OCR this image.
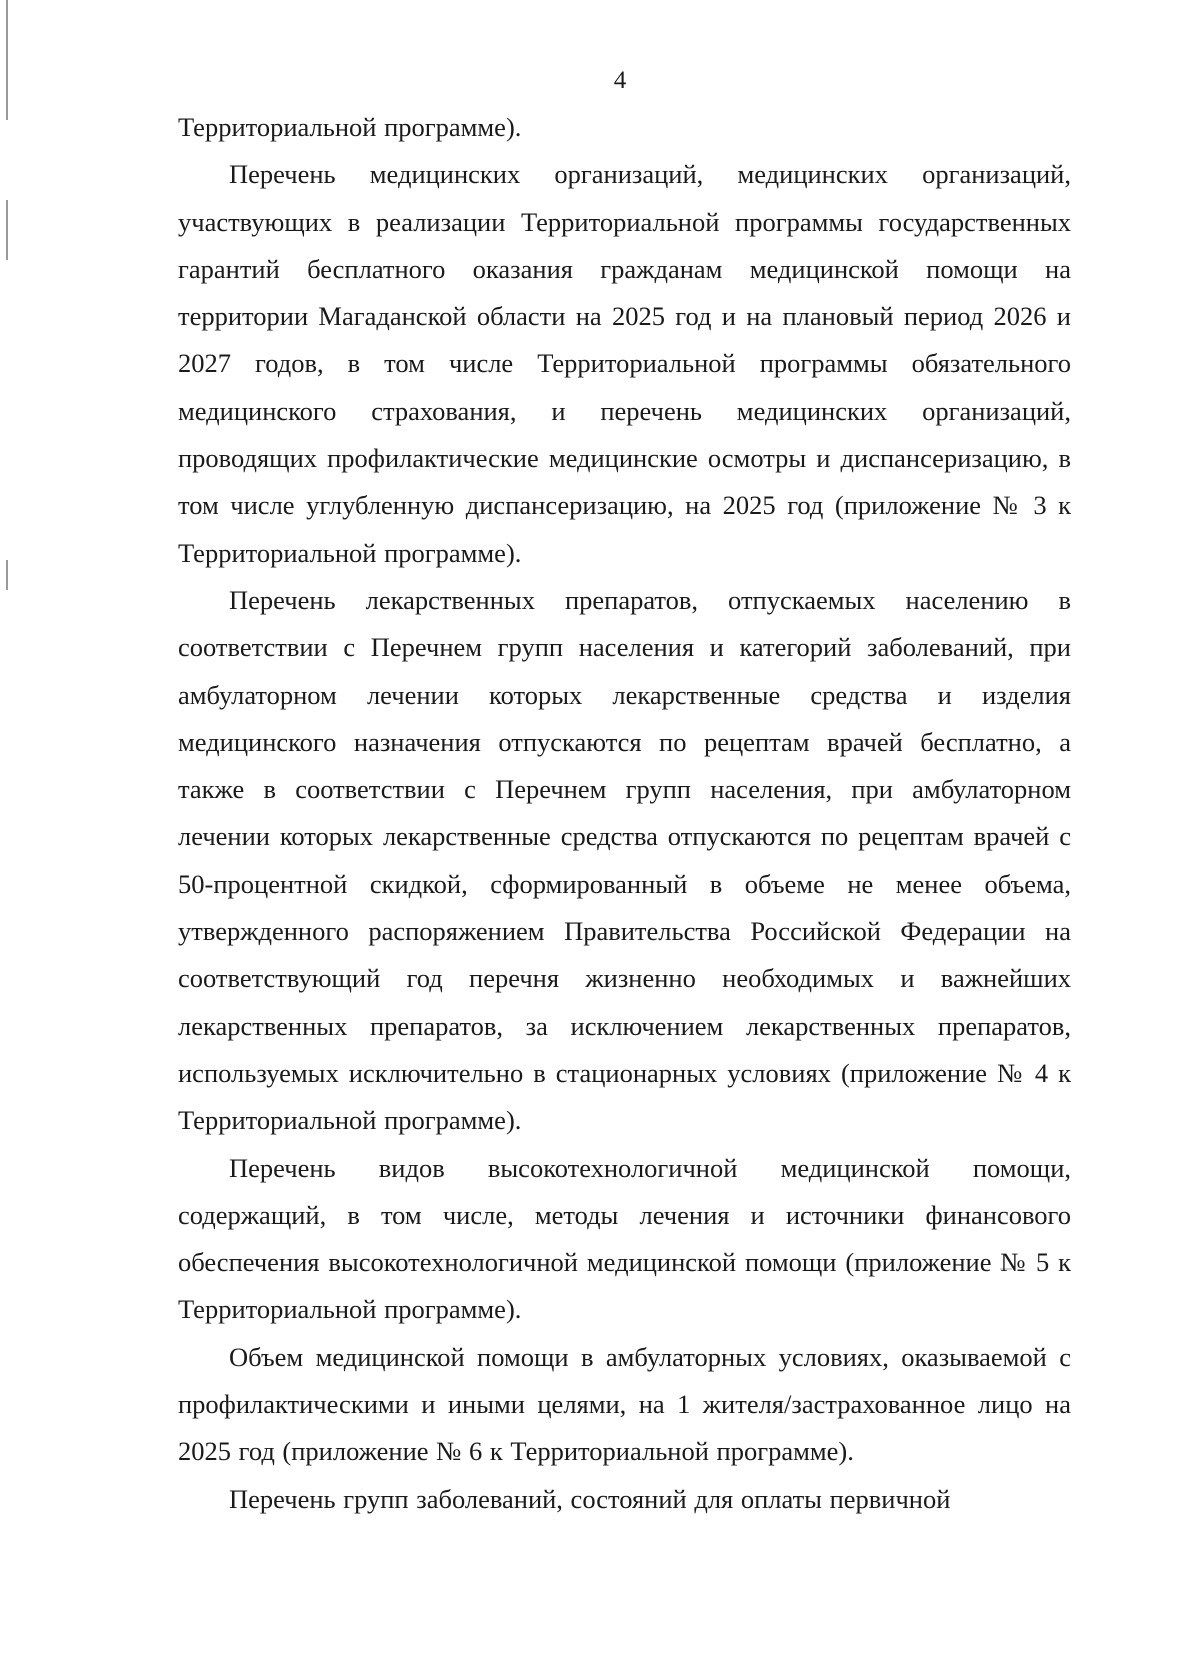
4

Территориальной программе).

Перечень медицинских организаций, медицинских организаций, участвующих в реализации Территориальной программы государственных гарантий бесплатного оказания гражданам медицинской помощи на территории Магаданской области на 2025 год и на плановый период 2026 и 2027 годов, в том числе Территориальной программы обязательного медицинского страхования, и перечень медицинских организаций, проводящих профилактические медицинские осмотры и диспансеризацию, в том числе углубленную диспансеризацию, на 2025 год (приложение № 3 к Территориальной программе).

Перечень лекарственных препаратов, отпускаемых населению в соответствии с Перечнем групп населения и категорий заболеваний, при амбулаторном лечении которых лекарственные средства и изделия медицинского назначения отпускаются по рецептам врачей бесплатно, а также в соответствии с Перечнем групп населения, при амбулаторном лечении которых лекарственные средства отпускаются по рецептам врачей с 50-процентной скидкой, сформированный в объеме не менее объема, утвержденного распоряжением Правительства Российской Федерации на соответствующий год перечня жизненно необходимых и важнейших лекарственных препаратов, за исключением лекарственных препаратов, используемых исключительно в стационарных условиях (приложение № 4 к Территориальной программе).

Перечень видов высокотехнологичной медицинской помощи, содержащий, в том числе, методы лечения и источники финансового обеспечения высокотехнологичной медицинской помощи (приложение № 5 к Территориальной программе).

Объем медицинской помощи в амбулаторных условиях, оказываемой с профилактическими и иными целями, на 1 жителя/застрахованное лицо на 2025 год (приложение № 6 к Территориальной программе).

Перечень групп заболеваний, состояний для оплаты первичной
